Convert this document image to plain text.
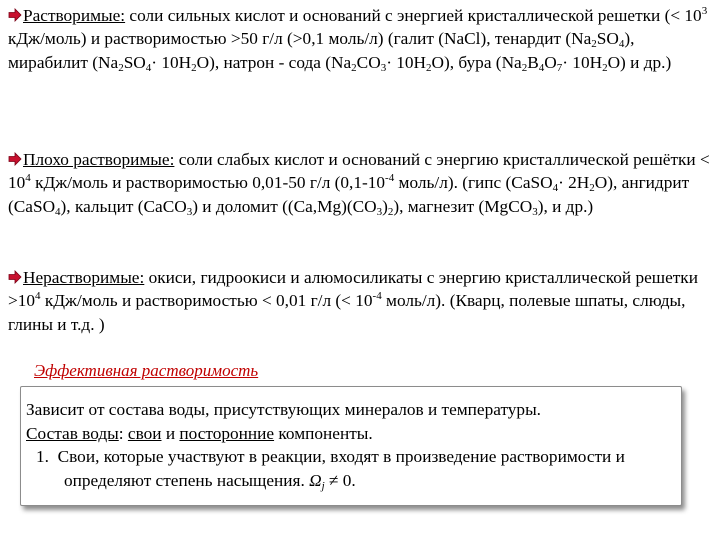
Растворимые: соли сильных кислот и оснований с энергией кристаллической решетки (< $10^3$ кДж/моль) и растворимостью >50 г/л (>0,1 моль/л) (галит (NaCl), тенардит $(Na_2SO_4)$, мирабилит $(Na_2SO_4\cdot 10H_2O)$, натрон - сода $(Na_2CO_3\cdot 10H_2O)$, бура $(Na_2B_4O_7\cdot 10H_2O)$ и др.)
Плохо растворимые: соли слабых кислот и оснований с энергию кристаллической решётки < $10^4$ кДж/моль и растворимостью 0,01-50 г/л ($0,1-10^{-4}$ моль/л). (гипс (CaSO$_4$· $2H_2O$), ангидрит (CaSO$_4$), кальцит (CaCO$_3$) и доломит $((Ca,Mg)(CO_3)_2)$, магнезит (MgCO$_3$), и др.)
Нерастворимые: окиси, гидроокиси и алюмосиликаты с энергию кристаллической решетки $>10^4$ кДж/моль и растворимостью < 0,01 г/л (< $10^{-4}$ моль/л). (Кварц, полевые шпаты, слюды, глины и т.д. )
Эффективная растворимость
Зависит от состава воды, присутствующих минералов и температуры.
Состав воды: свои и посторонние компоненты.
1. Свои, которые участвуют в реакции, входят в произведение растворимости и определяют степень насыщения. $\Omega_j \ne 0$.
